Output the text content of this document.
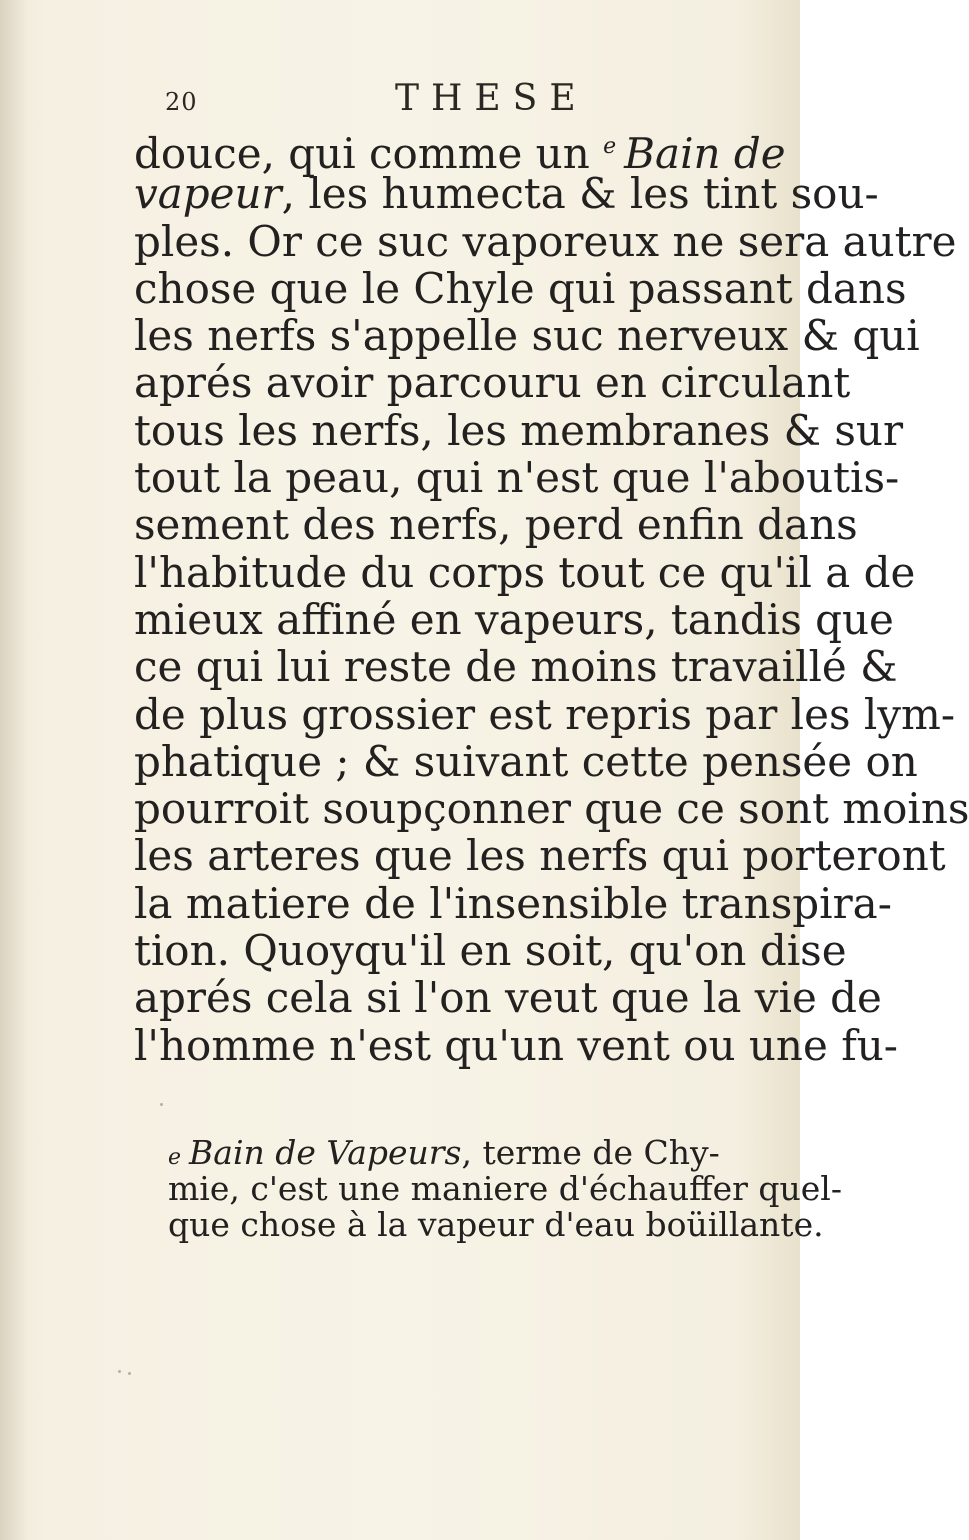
20	THESE
douce, qui comme un $^e$ Bain de
vapeur, les humecta & les tint sou-
ples. Or ce suc vaporeux ne sera autre
chose que le Chyle qui passant dans
les nerfs s'appelle suc nerveux & qui
aprés avoir parcouru en circulant
tous les nerfs, les membranes & sur
tout la peau, qui n'est que l'aboutis-
sement des nerfs, perd enfin dans
l'habitude du corps tout ce qu'il a de
mieux affiné en vapeurs, tandis que
ce qui lui reste de moins travaillé &
de plus grossier est repris par les lym-
phatique ; & suivant cette pensée on
pourroit soupçonner que ce sont moins
les arteres que les nerfs qui porteront
la matiere de l'insensible transpira-
tion. Quoyqu'il en soit, qu'on dise
aprés cela si l'on veut que la vie de
l'homme n'est qu'un vent ou une fu-
e Bain de Vapeurs, terme de Chy-
mie, c'est une maniere d'échauffer quel-
que chose à la vapeur d'eau boüillante.
